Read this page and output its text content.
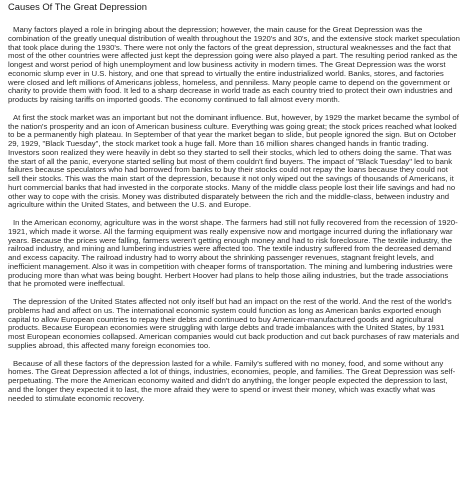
Causes Of The Great Depression

Many factors played a role in bringing about the depression; however, the main cause for the Great Depression was the combination of the greatly unequal distribution of wealth throughout the 1920's and 30's, and the extensive stock market speculation that took place during the 1930's. There were not only the factors of the great depression, structural weaknesses and the fact that most of the other countries were affected just kept the depression going were also played a part. The resulting period ranked as the longest and worst period of high unemployment and low business activity in modern times. The Great Depression was the worst economic slump ever in U.S. history, and one that spread to virtually the entire industrialized world. Banks, stores, and factories were closed and left millions of Americans jobless, homeless, and penniless. Many people came to depend on the government or charity to provide them with food. It led to a sharp decrease in world trade as each country tried to protect their own industries and products by raising tariffs on imported goods. The economy continued to fall almost every month.

At first the stock market was an important but not the dominant influence. But, however, by 1929 the market became the symbol of the nation's prosperity and an icon of American business culture. Everything was going great; the stock prices reached what looked to be a permanently high plateau. In September of that year the market began to slide, but people ignored the sign. But on October 29, 1929, "Black Tuesday", the stock market took a huge fall. More than 16 million shares changed hands in frantic trading. Investors soon realized they were heavily in debt so they started to sell their stocks, which led to others doing the same. That was the start of all the panic, everyone started selling but most of them couldn't find buyers. The impact of "Black Tuesday" led to bank failures because speculators who had borrowed from banks to buy their stocks could not repay the loans because they could not sell their stocks. This was the main start of the depression, because it not only wiped out the savings of thousands of Americans, it hurt commercial banks that had invested in the corporate stocks. Many of the middle class people lost their life savings and had no other way to cope with the crisis. Money was distributed disparately between the rich and the middle-class, between industry and agriculture within the United States, and between the U.S. and Europe.

In the American economy, agriculture was in the worst shape. The farmers had still not fully recovered from the recession of 1920-1921, which made it worse. All the farming equipment was really expensive now and mortgage incurred during the inflationary war years. Because the prices were falling, farmers weren't getting enough money and had to risk foreclosure. The textile industry, the railroad industry, and mining and lumbering industries were affected too. The textile industry suffered from the decreased demand and excess capacity. The railroad industry had to worry about the shrinking passenger revenues, stagnant freight levels, and inefficient management. Also it was in competition with cheaper forms of transportation. The mining and lumbering industries were producing more than what was being bought. Herbert Hoover had plans to help those ailing industries, but the trade associations that he promoted were ineffectual.

The depression of the United States affected not only itself but had an impact on the rest of the world. And the rest of the world's problems had and affect on us. The international economic system could function as long as American banks exported enough capital to allow European countries to repay their debts and continued to buy American-manufactured goods and agricultural products. Because European economies were struggling with large debts and trade imbalances with the United States, by 1931 most European economies collapsed. American companies would cut back production and cut back purchases of raw materials and supplies abroad, this affected many foreign economies too.

Because of all these factors of the depression lasted for a while. Family's suffered with no money, food, and some without any homes. The Great Depression affected a lot of things, industries, economies, people, and families. The Great Depression was self- perpetuating. The more the American economy waited and didn't do anything, the longer people expected the depression to last, and the longer they expected it to last, the more afraid they were to spend or invest their money, which was exactly what was needed to stimulate economic recovery.
